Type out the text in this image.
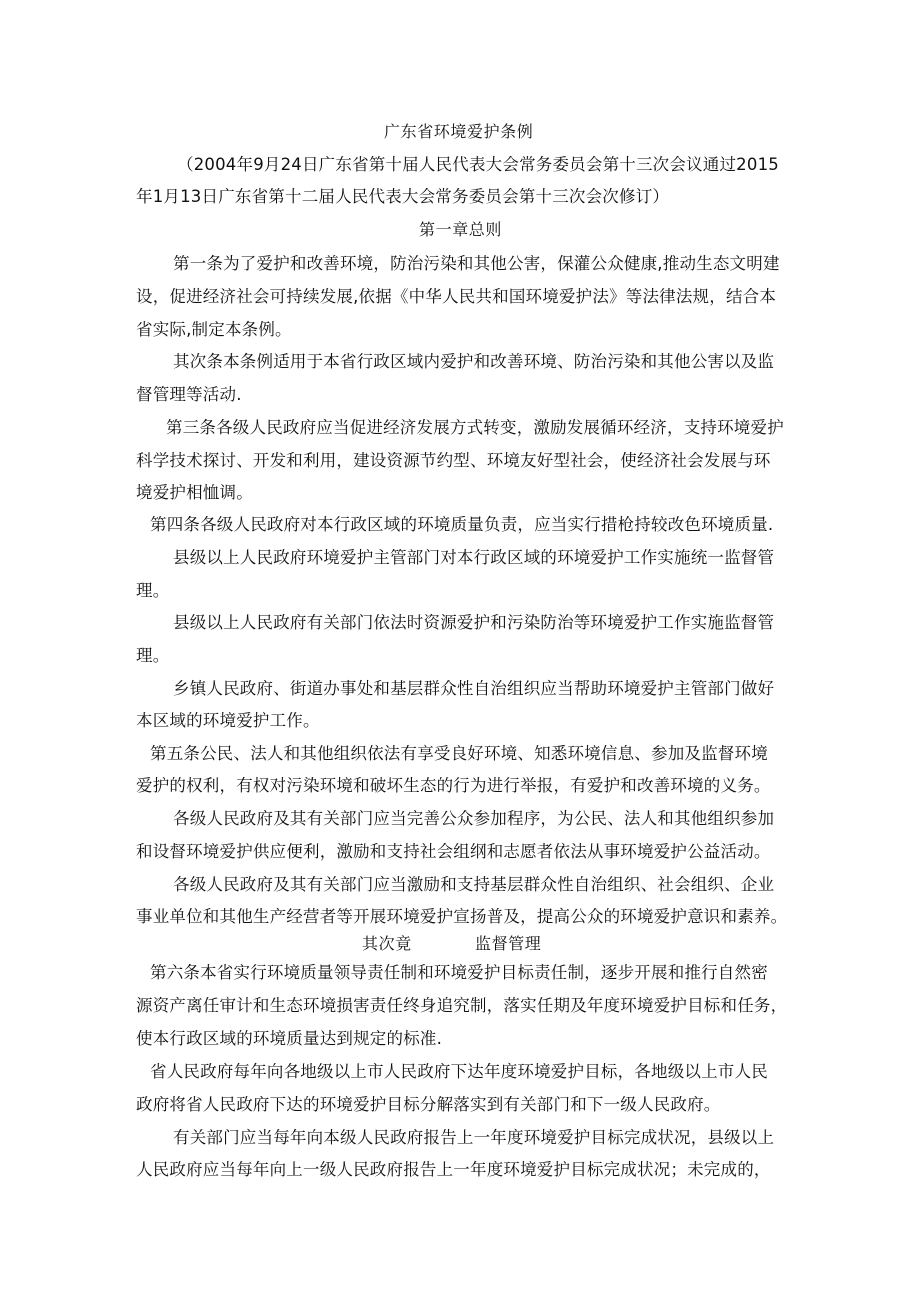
广东省环境爱护条例
（2004年9月24日广东省第十届人民代表大会常务委员会第十三次会议通过2015
年1月13日广东省第十二届人民代表大会常务委员会第十三次会次修订）
第一章总则
第一条为了爱护和改善环境，防治污染和其他公害，保灌公众健康,推动生态文明建
设，促进经济社会可持续发展,依据《中华人民共和国环境爱护法》等法律法规，结合本
省实际,制定本条例。
其次条本条例适用于本省行政区域内爱护和改善环境、防治污染和其他公害以及监
督管理等活动.
第三条各级人民政府应当促进经济发展方式转变，激励发展循环经济，支持环境爱护
科学技术探讨、开发和利用，建设资源节约型、环境友好型社会，使经济社会发展与环
境爱护相恤调。
第四条各级人民政府对本行政区域的环境质量负责，应当实行措枪持较改色环境质量.
县级以上人民政府环境爱护主管部门对本行政区域的环境爱护工作实施统一监督管
理。
县级以上人民政府有关部门依法时资源爱护和污染防治等环境爱护工作实施监督管
理。
乡镇人民政府、街道办事处和基层群众性自治组织应当帮助环境爱护主管部门做好
本区域的环境爱护工作。
第五条公民、法人和其他组织依法有享受良好环境、知悉环境信息、参加及监督环境
爱护的权利，有权对污染环境和破坏生态的行为进行举报，有爱护和改善环境的义务。
各级人民政府及其有关部门应当完善公众参加程序，为公民、法人和其他组织参加
和设督环境爱护供应便利，激励和支持社会组纲和志愿者依法从事环境爱护公益活动。
各级人民政府及其有关部门应当激励和支持基层群众性自治组织、社会组织、企业
事业单位和其他生产经营者等开展环境爱护宣扬普及，提高公众的环境爱护意识和素养。
其次竟	监督管理
第六条本省实行环境质量领导责任制和环境爱护目标责任制，逐步开展和推行自然密
源资产离任审计和生态环境损害责任终身追究制，落实任期及年度环境爱护目标和任务，
使本行政区域的环境质量达到规定的标准.
省人民政府每年向各地级以上市人民政府下达年度环境爱护目标，各地级以上市人民
政府将省人民政府下达的环境爱护目标分解落实到有关部门和下一级人民政府。
有关部门应当每年向本级人民政府报告上一年度环境爱护目标完成状况，县级以上
人民政府应当每年向上一级人民政府报告上一年度环境爱护目标完成状况；未完成的，
